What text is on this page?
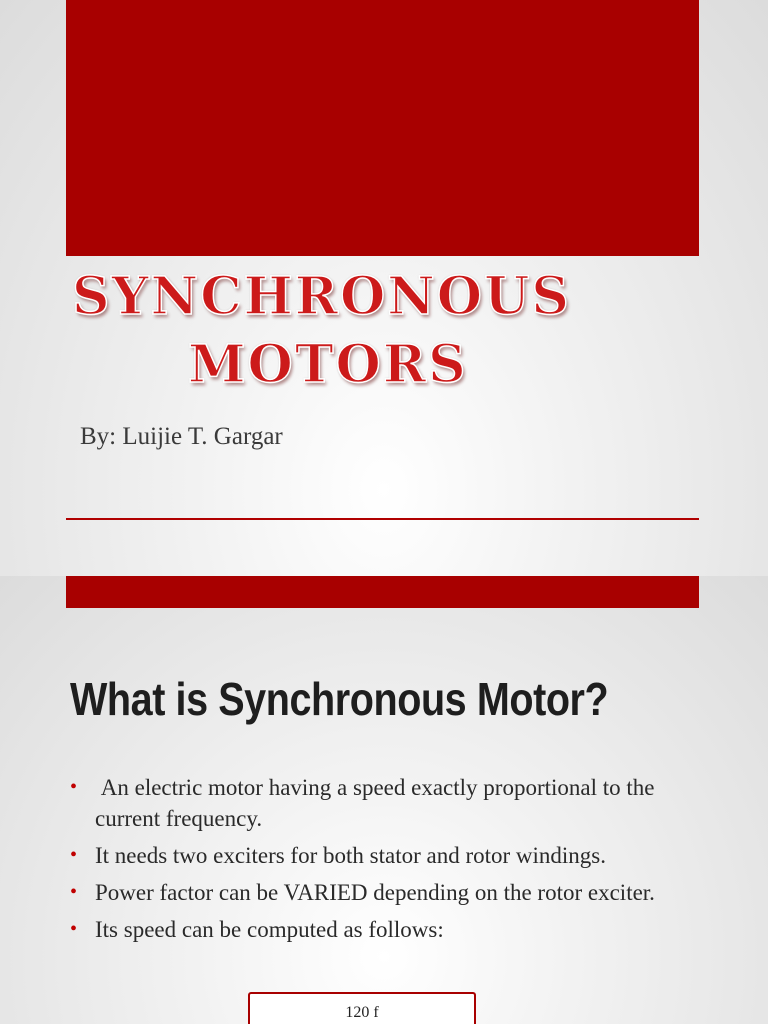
SYNCHRONOUS
MOTORS

By: Luijie T. Gargar

What is Synchronous Motor?
• An electric motor having a speed exactly proportional to the current frequency.
• It needs two exciters for both stator and rotor windings.
• Power factor can be VARIED depending on the rotor exciter.
• Its speed can be computed as follows:
120 f
